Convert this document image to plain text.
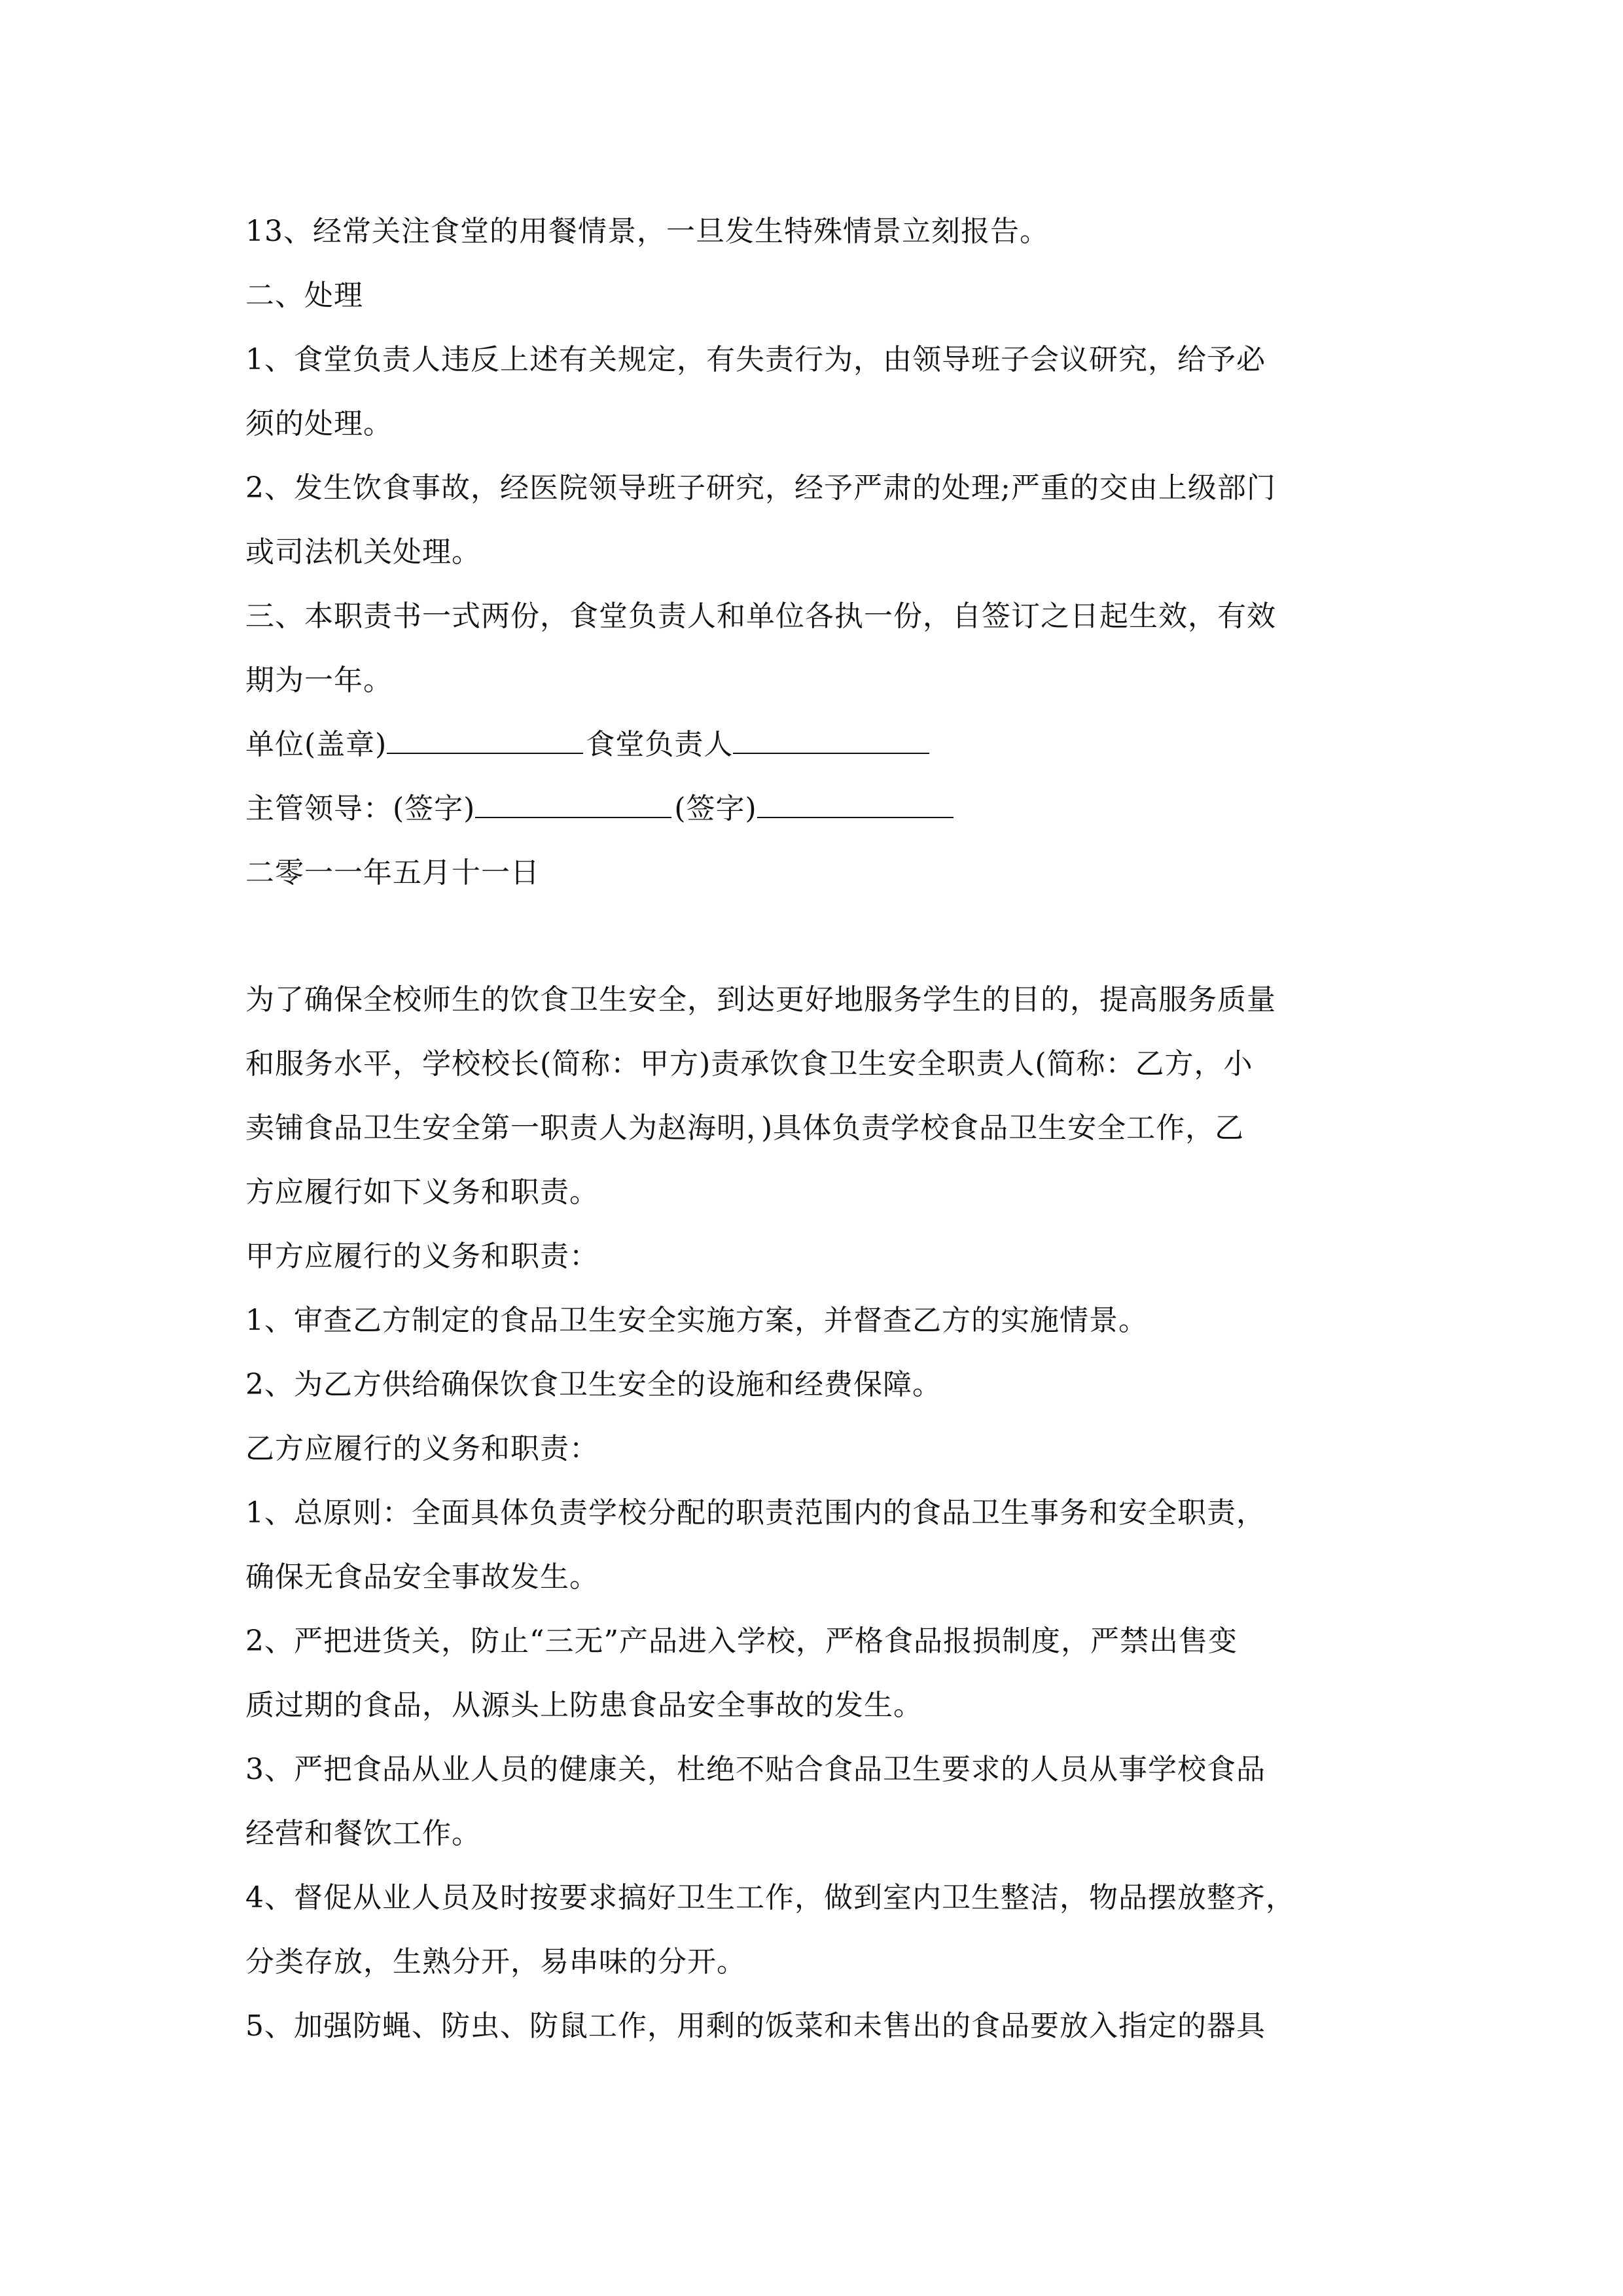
13、经常关注食堂的用餐情景，一旦发生特殊情景立刻报告。
二、处理
1、食堂负责人违反上述有关规定，有失责行为，由领导班子会议研究，给予必
须的处理。
2、发生饮食事故，经医院领导班子研究，经予严肃的处理;严重的交由上级部门
或司法机关处理。
三、本职责书一式两份，食堂负责人和单位各执一份，自签订之日起生效，有效
期为一年。
单位(盖章)	食堂负责人
主管领导：(签字)	(签字)
二零一一年五月十一日
为了确保全校师生的饮食卫生安全，到达更好地服务学生的目的，提高服务质量
和服务水平，学校校长(简称：甲方)责承饮食卫生安全职责人(简称：乙方，小
卖铺食品卫生安全第一职责人为赵海明，)具体负责学校食品卫生安全工作，乙
方应履行如下义务和职责。
甲方应履行的义务和职责：
1、审查乙方制定的食品卫生安全实施方案，并督查乙方的实施情景。
2、为乙方供给确保饮食卫生安全的设施和经费保障。
乙方应履行的义务和职责：
1、总原则：全面具体负责学校分配的职责范围内的食品卫生事务和安全职责，
确保无食品安全事故发生。
2、严把进货关，防止“三无”产品进入学校，严格食品报损制度，严禁出售变
质过期的食品，从源头上防患食品安全事故的发生。
3、严把食品从业人员的健康关，杜绝不贴合食品卫生要求的人员从事学校食品
经营和餐饮工作。
4、督促从业人员及时按要求搞好卫生工作，做到室内卫生整洁，物品摆放整齐，
分类存放，生熟分开，易串味的分开。
5、加强防蝇、防虫、防鼠工作，用剩的饭菜和未售出的食品要放入指定的器具
